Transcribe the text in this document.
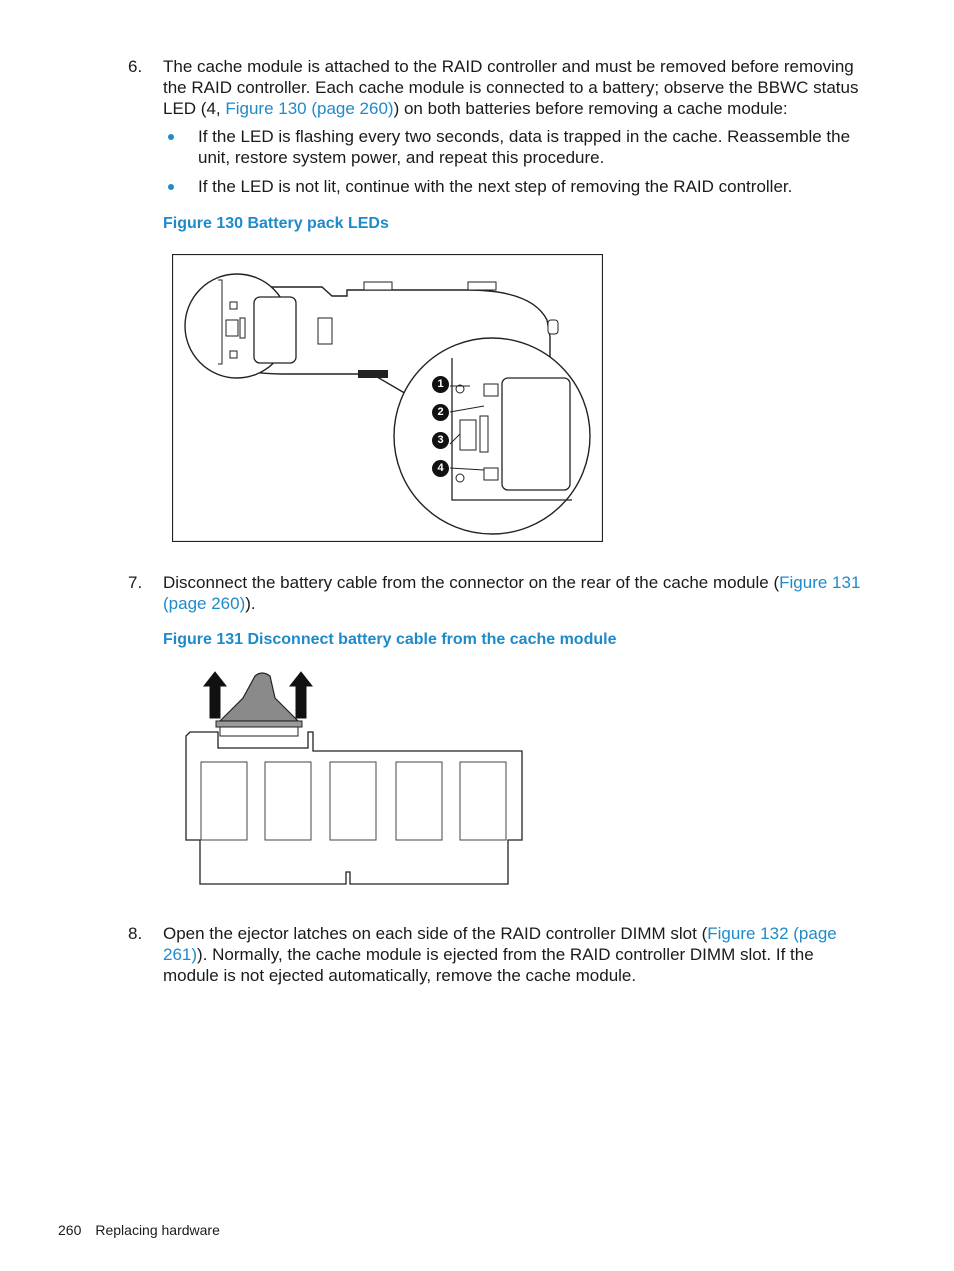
6.	The cache module is attached to the RAID controller and must be removed before removing the RAID controller. Each cache module is connected to a battery; observe the BBWC status LED (4, Figure 130 (page 260)) on both batteries before removing a cache module:
If the LED is flashing every two seconds, data is trapped in the cache. Reassemble the unit, restore system power, and repeat this procedure.
If the LED is not lit, continue with the next step of removing the RAID controller.
Figure 130 Battery pack LEDs
1
2
3
4
7.	Disconnect the battery cable from the connector on the rear of the cache module (Figure 131 (page 260)).
Figure 131 Disconnect battery cable from the cache module
8.	Open the ejector latches on each side of the RAID controller DIMM slot (Figure 132 (page 261)). Normally, the cache module is ejected from the RAID controller DIMM slot. If the module is not ejected automatically, remove the cache module.
260 Replacing hardware
